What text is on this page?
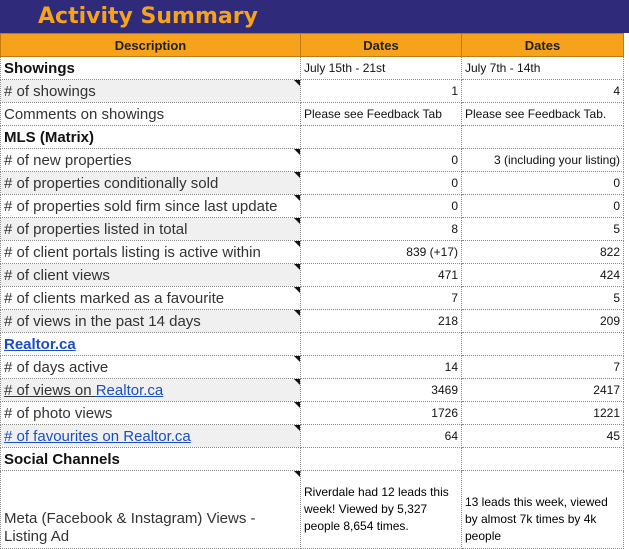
Activity Summary
Description	Dates	Dates
Showings	July 15th - 21st	July 7th - 14th
# of showings	1	4
Comments on showings	Please see Feedback Tab	Please see Feedback Tab.
MLS (Matrix)		
# of new properties	0	3 (including your listing)
# of properties conditionally sold	0	0
# of properties sold firm since last update	0	0
# of properties listed in total	8	5
# of client portals listing is active within	839 (+17)	822
# of client views	471	424
# of clients marked as a favourite	7	5
# of views in the past 14 days	218	209
Realtor.ca		
# of days active	14	7
# of views on Realtor.ca	3469	2417
# of photo views	1726	1221
# of favourites on Realtor.ca	64	45
Social Channels		
Meta (Facebook & Instagram) Views - Listing Ad	Riverdale had 12 leads this week! Viewed by 5,327 people 8,654 times.	13 leads this week, viewed by almost 7k times by 4k people
